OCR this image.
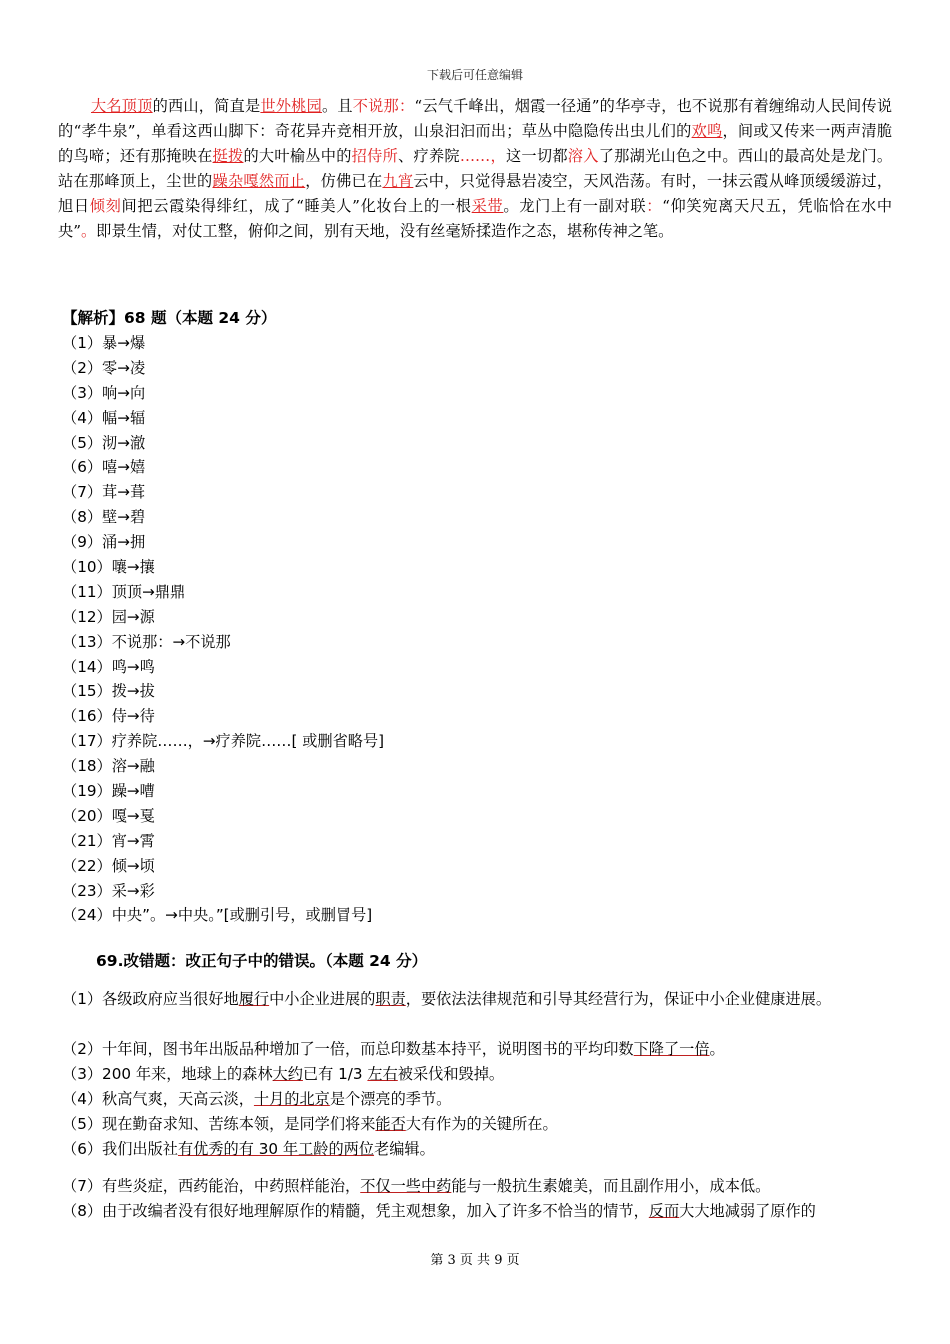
下载后可任意编辑

大名顶顶的西山，简直是世外桃园。且不说那：“云气千峰出，烟霞一径通”的华亭寺，也不说那有着缠绵动人民间传说的“孝牛泉”，单看这西山脚下：奇花异卉竞相开放，山泉汩汩而出；草丛中隐隐传出虫儿们的欢鸣，间或又传来一两声清脆的鸟啼；还有那掩映在挺拨的大叶榆丛中的招侍所、疗养院……，这一切都溶入了那湖光山色之中。西山的最高处是龙门。站在那峰顶上，尘世的躁杂嘎然而止，仿佛已在九宵云中，只觉得悬岩凌空，天风浩荡。有时，一抹云霞从峰顶缓缓游过，旭日倾刻间把云霞染得绯红，成了“睡美人”化妆台上的一根采带。龙门上有一副对联：“仰笑宛离天尺五，凭临恰在水中央”。即景生情，对仗工整，俯仰之间，别有天地，没有丝毫矫揉造作之态，堪称传神之笔。

【解析】68 题（本题 24 分）
（1）暴→爆
（2）零→凌
（3）响→向
（4）幅→辐
（5）沏→澈
（6）嘻→嬉
（7）茸→葺
（8）壁→碧
（9）涌→拥
（10）嚷→攘
（11）顶顶→鼎鼎
（12）园→源
（13）不说那：→不说那
（14）鸣→鸣
（15）拨→拔
（16）侍→待
（17）疗养院……，→疗养院……[ 或删省略号]
（18）溶→融
（19）躁→嘈
（20）嘎→戛
（21）宵→霄
（22）倾→顷
（23）采→彩
（24）中央”。→中央。”[或删引号，或删冒号]
69.改错题：改正句子中的错误。（本题 24 分）
（1）各级政府应当很好地履行中小企业进展的职责，要依法法律规范和引导其经营行为，保证中小企业健康进展。
（2）十年间，图书年出版品种增加了一倍，而总印数基本持平，说明图书的平均印数下降了一倍。
（3）200 年来，地球上的森林大约已有 1/3 左右被采伐和毁掉。
（4）秋高气爽，天高云淡，十月的北京是个漂亮的季节。
（5）现在勤奋求知、苦练本领，是同学们将来能否大有作为的关键所在。
（6）我们出版社有优秀的有 30 年工龄的两位老编辑。
（7）有些炎症，西药能治，中药照样能治，不仅一些中药能与一般抗生素媲美，而且副作用小，成本低。
（8）由于改编者没有很好地理解原作的精髓，凭主观想象，加入了许多不恰当的情节，反而大大地减弱了原作的
第 3 页 共 9 页
